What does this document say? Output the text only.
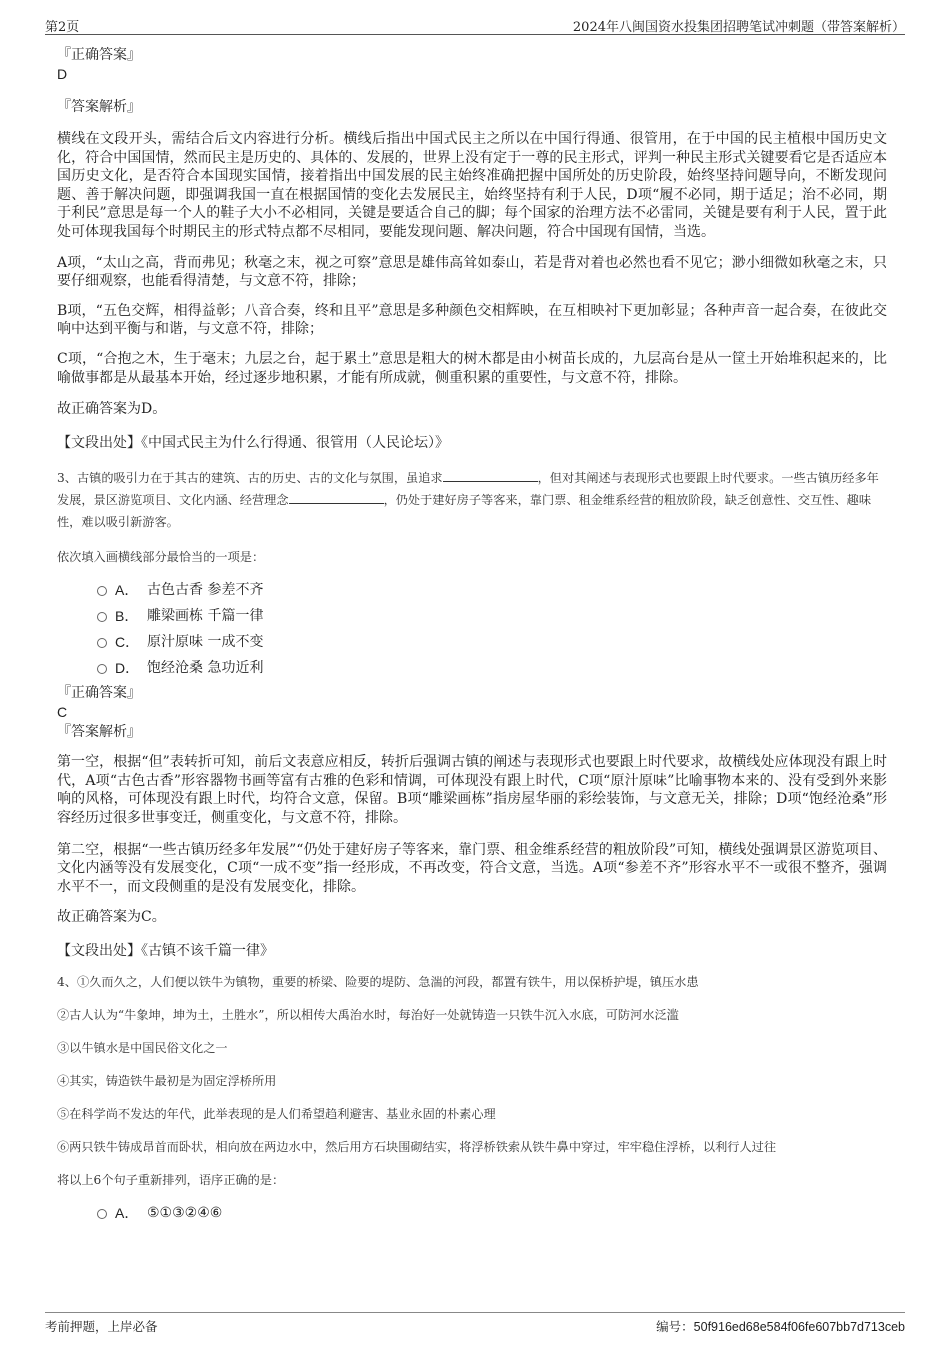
第2页	2024年八闽国资水投集团招聘笔试冲刺题（带答案解析）

『正确答案』

D

『答案解析』

横线在文段开头，需结合后文内容进行分析。横线后指出中国式民主之所以在中国行得通、很管用，在于中国的民主植根中国历史文化，符合中国国情，然而民主是历史的、具体的、发展的，世界上没有定于一尊的民主形式，评判一种民主形式关键要看它是否适应本国历史文化，是否符合本国现实国情，接着指出中国发展的民主始终准确把握中国所处的历史阶段，始终坚持问题导向，不断发现问题、善于解决问题，即强调我国一直在根据国情的变化去发展民主，始终坚持有利于人民，D项“履不必同，期于适足；治不必同，期于利民”意思是每一个人的鞋子大小不必相同，关键是要适合自己的脚；每个国家的治理方法不必雷同，关键是要有利于人民，置于此处可体现我国每个时期民主的形式特点都不尽相同，要能发现问题、解决问题，符合中国现有国情，当选。

A项，“太山之高，背而弗见；秋毫之末，视之可察”意思是雄伟高耸如泰山，若是背对着也必然也看不见它；渺小细微如秋毫之末，只要仔细观察，也能看得清楚，与文意不符，排除；

B项，“五色交辉，相得益彰；八音合奏，终和且平”意思是多种颜色交相辉映，在互相映衬下更加彰显；各种声音一起合奏，在彼此交响中达到平衡与和谐，与文意不符，排除；

C项，“合抱之木，生于毫末；九层之台，起于累土”意思是粗大的树木都是由小树苗长成的，九层高台是从一筐土开始堆积起来的，比喻做事都是从最基本开始，经过逐步地积累，才能有所成就，侧重积累的重要性，与文意不符，排除。

故正确答案为D。

【文段出处】《中国式民主为什么行得通、很管用（人民论坛）》

3、古镇的吸引力在于其古的建筑、古的历史、古的文化与氛围，虽追求	，但对其阐述与表现形式也要跟上时代要求。一些古镇历经多年发展，景区游览项目、文化内涵、经营理念	，仍处于建好房子等客来，靠门票、租金维系经营的粗放阶段，缺乏创意性、交互性、趣味性，难以吸引新游客。

依次填入画横线部分最恰当的一项是：

A． 古色古香 参差不齐
B． 雕梁画栋 千篇一律
C． 原汁原味 一成不变
D． 饱经沧桑 急功近利

『正确答案』

C

『答案解析』

第一空，根据“但”表转折可知，前后文表意应相反，转折后强调古镇的阐述与表现形式也要跟上时代要求，故横线处应体现没有跟上时代，A项“古色古香”形容器物书画等富有古雅的色彩和情调，可体现没有跟上时代，C项“原汁原味”比喻事物本来的、没有受到外来影响的风格，可体现没有跟上时代，均符合文意，保留。B项“雕梁画栋”指房屋华丽的彩绘装饰，与文意无关，排除；D项“饱经沧桑”形容经历过很多世事变迁，侧重变化，与文意不符，排除。

第二空，根据“一些古镇历经多年发展”“仍处于建好房子等客来，靠门票、租金维系经营的粗放阶段”可知，横线处强调景区游览项目、文化内涵等没有发展变化，C项“一成不变”指一经形成，不再改变，符合文意，当选。A项“参差不齐”形容水平不一或很不整齐，强调水平不一，而文段侧重的是没有发展变化，排除。

故正确答案为C。

【文段出处】《古镇不该千篇一律》

4、①久而久之，人们便以铁牛为镇物，重要的桥梁、险要的堤防、急湍的河段，都置有铁牛，用以保桥护堤，镇压水患

②古人认为“牛象坤，坤为土，土胜水”，所以相传大禹治水时，每治好一处就铸造一只铁牛沉入水底，可防河水泛滥

③以牛镇水是中国民俗文化之一

④其实，铸造铁牛最初是为固定浮桥所用

⑤在科学尚不发达的年代，此举表现的是人们希望趋利避害、基业永固的朴素心理

⑥两只铁牛铸成昂首而卧状，相向放在两边水中，然后用方石块围砌结实，将浮桥铁索从铁牛鼻中穿过，牢牢稳住浮桥，以利行人过往

将以上6个句子重新排列，语序正确的是：

A． ⑤①③②④⑥
考前押题，上岸必备	编号：50f916ed68e584f06fe607bb7d713ceb
